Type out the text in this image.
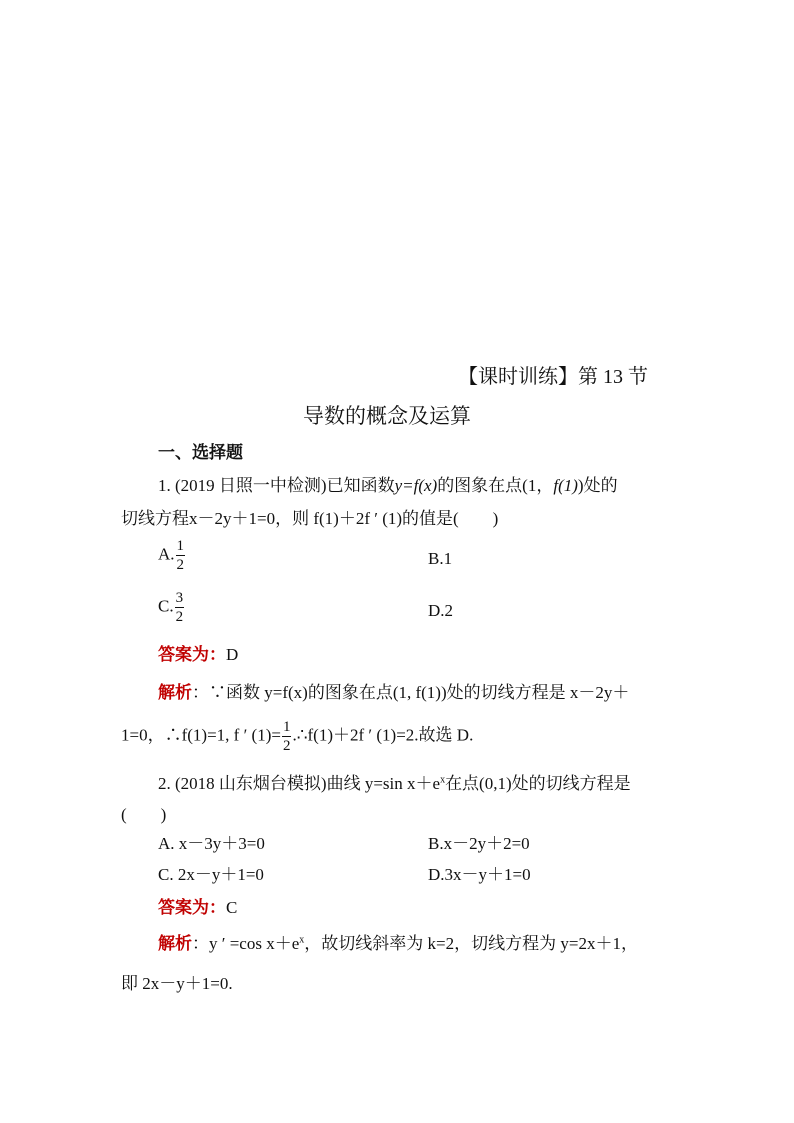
【课时训练】第 13 节
导数的概念及运算
一、选择题
1. (2019 日照一中检测)已知函数y=f(x)的图象在点(1，f(1))处的
切线方程x－2y＋1=0，则 f(1)＋2f ′ (1)的值是(　　)
A. $\frac{1}{2}$	B.1
C. $\frac{3}{2}$	D.2
答案为：D
解析：∵函数 y=f(x)的图象在点(1, f(1))处的切线方程是 x－2y＋
1=0，∴f(1)=1, f ′ $(1)= \frac{1}{2}$ .∴f(1)＋2f ′ (1)=2.故选 D.
2. (2018 山东烟台模拟)曲线 y=sin $x+e^x$在点(0,1)处的切线方程是
(　　)
A. x－3y＋3=0	B.x－2y＋2=0
C. 2x－y＋1=0	D.3x－y＋1=0
答案为：C
解析：y ′ =cos $x+e^x$，故切线斜率为 k=2，切线方程为 y=2x＋1，
即 2x－y＋1=0.
